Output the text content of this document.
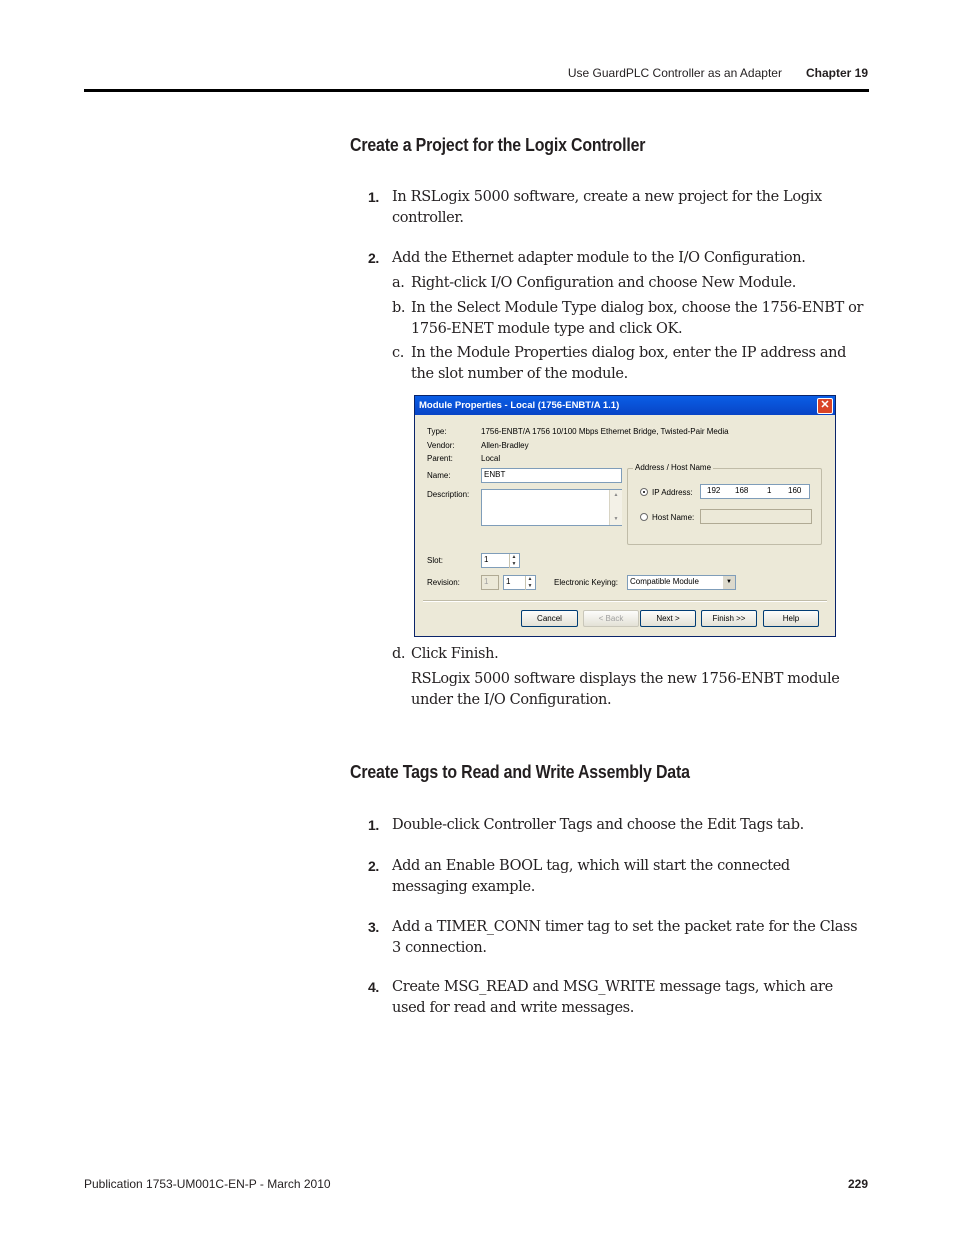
Use GuardPLC Controller as an Adapter Chapter 19
Create a Project for the Logix Controller
1. In RSLogix 5000 software, create a new project for the Logix controller.
2. Add the Ethernet adapter module to the I/O Configuration.
a. Right-click I/O Configuration and choose New Module.
b. In the Select Module Type dialog box, choose the 1756-ENBT or 1756-ENET module type and click OK.
c. In the Module Properties dialog box, enter the IP address and the slot number of the module.
Module Properties - Local (1756-ENBT/A 1.1)	✕
Type:	1756-ENBT/A 1756 10/100 Mbps Ethernet Bridge, Twisted-Pair Media
Vendor:	Allen-Bradley
Parent:	Local
Name:	ENBT
Description:	▲
▼
Address / Host Name
IP Address: 192 168 1 160
Host Name:
Slot:	1	▲
▼
Revision:	1	1	▲
▼	Electronic Keying:	Compatible Module	▼
Cancel	< Back	Next >	Finish >>	Help
d. Click Finish.
RSLogix 5000 software displays the new 1756-ENBT module under the I/O Configuration.
Create Tags to Read and Write Assembly Data
1. Double-click Controller Tags and choose the Edit Tags tab.
2. Add an Enable BOOL tag, which will start the connected messaging example.
3. Add a TIMER_CONN timer tag to set the packet rate for the Class 3 connection.
4. Create MSG_READ and MSG_WRITE message tags, which are used for read and write messages.
Publication 1753-UM001C-EN-P - March 2010	229
